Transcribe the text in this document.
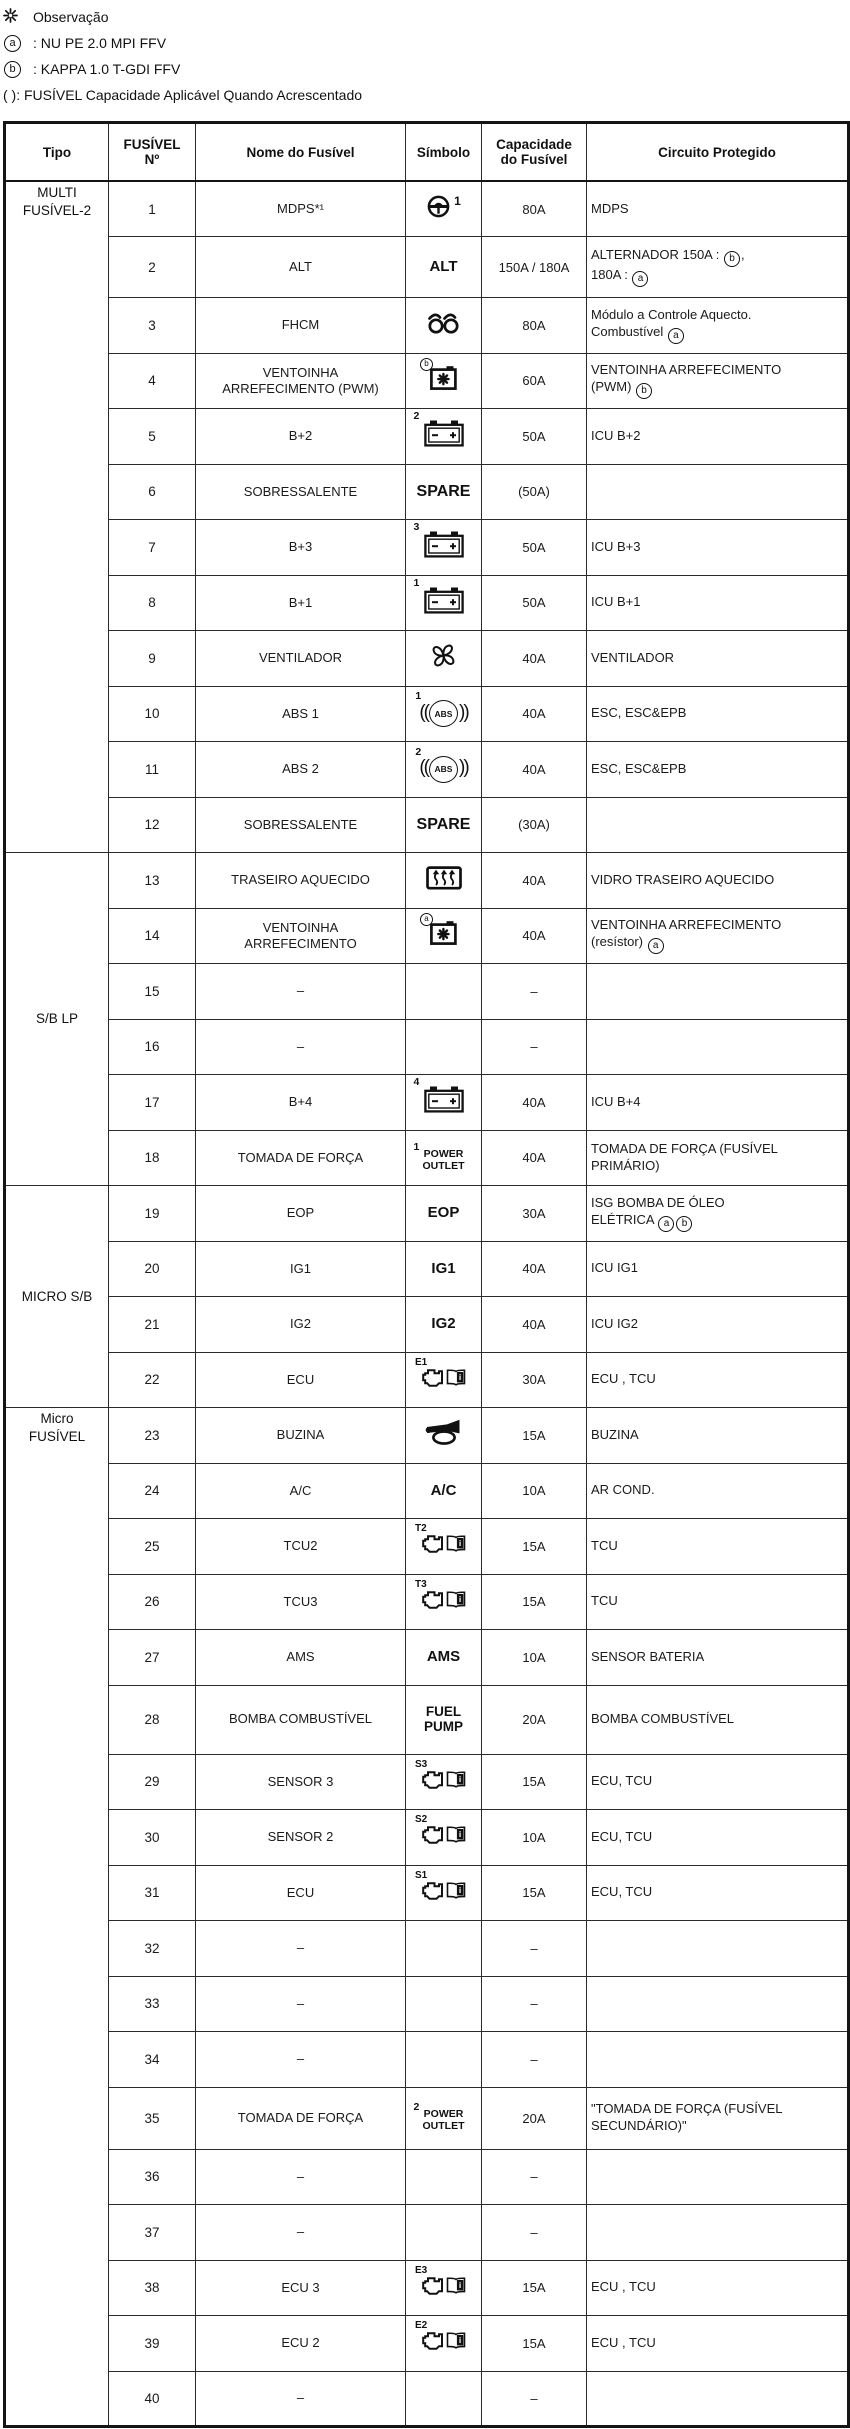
Observação
a	: NU PE 2.0 MPI FFV
b	: KAPPA 1.0 T-GDI FFV
( ): FUSÍVEL Capacidade Aplicável Quando Acrescentado
Tipo	FUSÍVEL
Nº	Nome do Fusível	Símbolo	Capacidade
do Fusível	Circuito Protegido
MULTI
FUSÍVEL-2	1	MDPS*¹	1	80A	MDPS
	2	ALT	ALT	150A / 180A	ALTERNADOR 150A : b ,
180A : a
	3	FHCM		80A	Módulo a Controle Aquecto.
Combustível a
	4	VENTOINHA
ARREFECIMENTO (PWM)	b	60A	VENTOINHA ARREFECIMENTO
(PWM) b
	5	B+2	2	50A	ICU B+2
	6	SOBRESSALENTE	SPARE	(50A)	
	7	B+3	3	50A	ICU B+3
	8	B+1	1	50A	ICU B+1
	9	VENTILADOR		40A	VENTILADOR
	10	ABS 1	1
(( ABS ))	40A	ESC, ESC&EPB
	11	ABS 2	2
(( ABS ))	40A	ESC, ESC&EPB
	12	SOBRESSALENTE	SPARE	(30A)	
S/B LP	13	TRASEIRO AQUECIDO		40A	VIDRO TRASEIRO AQUECIDO
	14	VENTOINHA
ARREFECIMENTO	a	40A	VENTOINHA ARREFECIMENTO
(resístor) a
	15	–		–	
	16	–		–	
	17	B+4	4	40A	ICU B+4
	18	TOMADA DE FORÇA	1
POWER
OUTLET	40A	TOMADA DE FORÇA (FUSÍVEL
PRIMÁRIO)
MICRO S/B	19	EOP	EOP	30A	ISG BOMBA DE ÓLEO
ELÉTRICA a b
	20	IG1	IG1	40A	ICU IG1
	21	IG2	IG2	40A	ICU IG2
	22	ECU	E1
i	30A	ECU , TCU
Micro
FUSÍVEL	23	BUZINA		15A	BUZINA
	24	A/C	A/C	10A	AR COND.
	25	TCU2	T2
i	15A	TCU
	26	TCU3	T3
i	15A	TCU
	27	AMS	AMS	10A	SENSOR BATERIA
	28	BOMBA COMBUSTÍVEL	FUEL
PUMP	20A	BOMBA COMBUSTÍVEL
	29	SENSOR 3	S3
i	15A	ECU, TCU
	30	SENSOR 2	S2
i	10A	ECU, TCU
	31	ECU	S1
i	15A	ECU, TCU
	32	–		–	
	33	–		–	
	34	–		–	
	35	TOMADA DE FORÇA	2
POWER
OUTLET	20A	"TOMADA DE FORÇA (FUSÍVEL
SECUNDÁRIO)"
	36	–		–	
	37	–		–	
	38	ECU 3	E3
i	15A	ECU , TCU
	39	ECU 2	E2
i	15A	ECU , TCU
	40	–		–	
